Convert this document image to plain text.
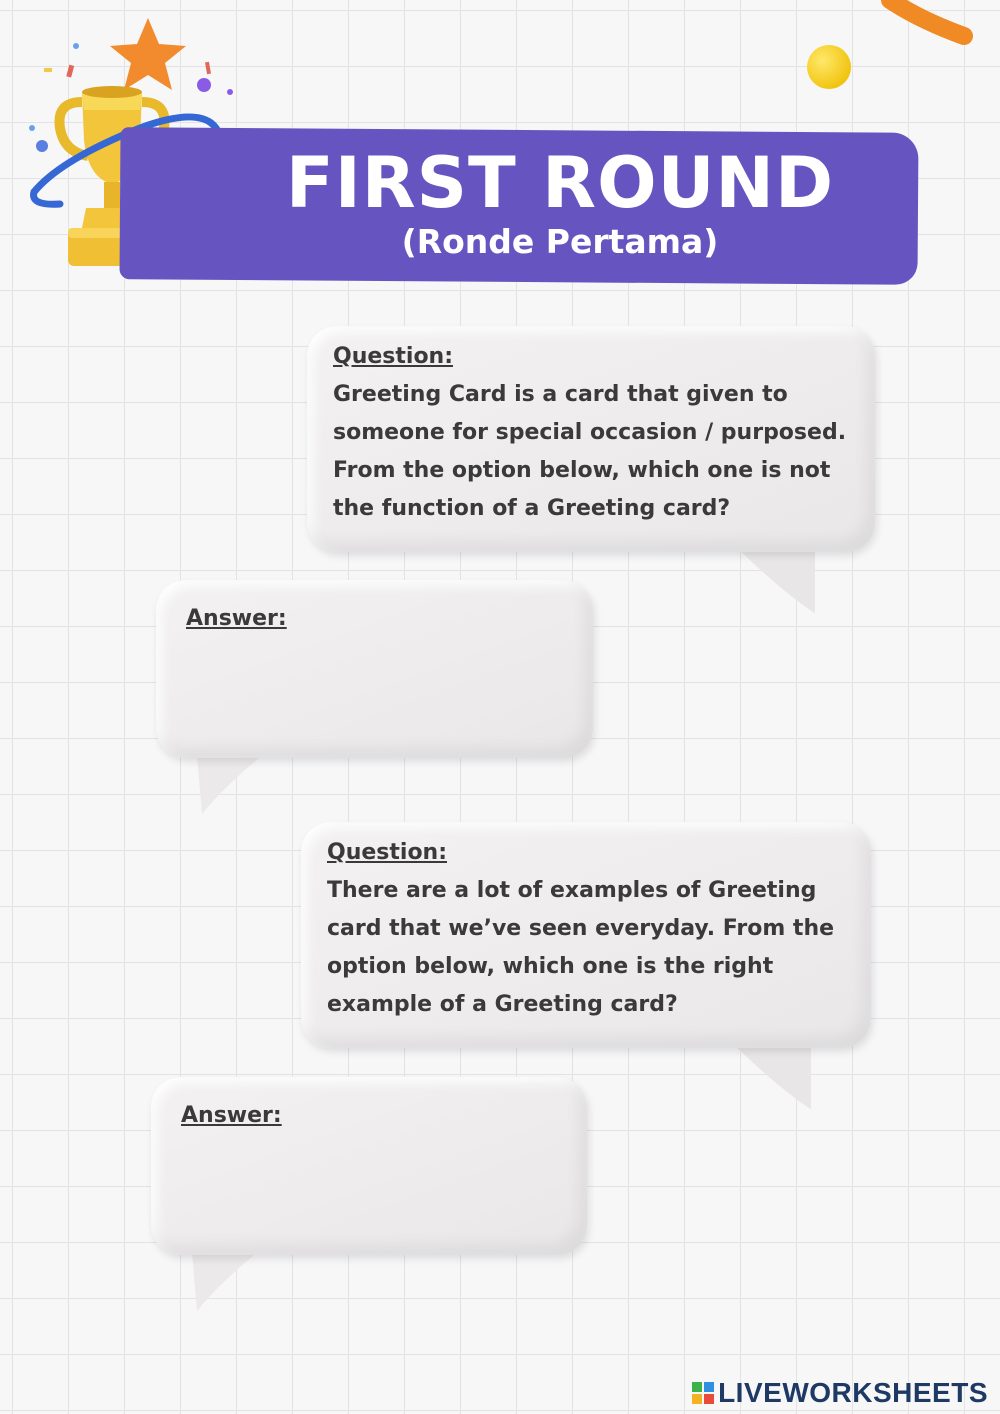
FIRST ROUND
(Ronde Pertama)
Question:
Greeting Card is a card that given to someone for special occasion / purposed. From the option below, which one is not the function of a Greeting card?
Answer:
Question:
There are a lot of examples of Greeting card that we’ve seen everyday. From the option below, which one is the right example of a Greeting card?
Answer:
LIVEWORKSHEETS
